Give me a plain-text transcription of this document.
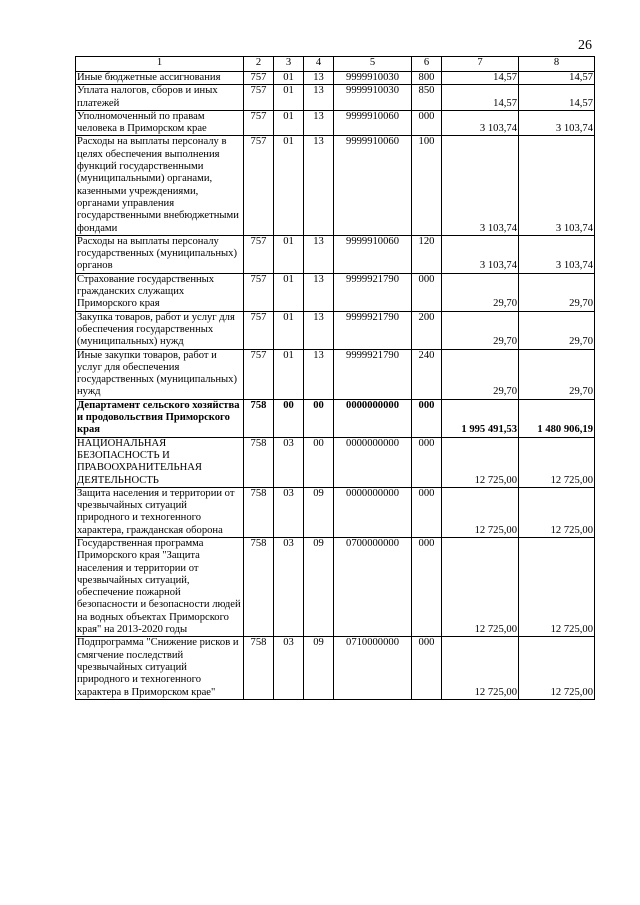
26
1	2	3	4	5	6	7	8
Иные бюджетные ассигнования	757	01	13	9999910030	800	14,57	14,57
Уплата налогов, сборов и иных платежей	757	01	13	9999910030	850	14,57	14,57
Уполномоченный по правам человека в Приморском крае	757	01	13	9999910060	000	3 103,74	3 103,74
Расходы на выплаты персоналу в целях обеспечения выполнения функций государственными (муниципальными) органами, казенными учреждениями, органами управления государственными внебюджетными фондами	757	01	13	9999910060	100	3 103,74	3 103,74
Расходы на выплаты персоналу государственных (муниципальных) органов	757	01	13	9999910060	120	3 103,74	3 103,74
Страхование государственных гражданских служащих Приморского края	757	01	13	9999921790	000	29,70	29,70
Закупка товаров, работ и услуг для обеспечения государственных (муниципальных) нужд	757	01	13	9999921790	200	29,70	29,70
Иные закупки товаров, работ и услуг для обеспечения государственных (муниципальных) нужд	757	01	13	9999921790	240	29,70	29,70
Департамент сельского хозяйства и продовольствия Приморского края	758	00	00	0000000000	000	1 995 491,53	1 480 906,19
НАЦИОНАЛЬНАЯ БЕЗОПАСНОСТЬ И ПРАВООХРАНИТЕЛЬНАЯ ДЕЯТЕЛЬНОСТЬ	758	03	00	0000000000	000	12 725,00	12 725,00
Защита населения и территории от чрезвычайных ситуаций природного и техногенного характера, гражданская оборона	758	03	09	0000000000	000	12 725,00	12 725,00
Государственная программа Приморского края "Защита населения и территории от чрезвычайных ситуаций, обеспечение пожарной безопасности и безопасности людей на водных объектах Приморского края" на 2013-2020 годы	758	03	09	0700000000	000	12 725,00	12 725,00
Подпрограмма "Снижение рисков и смягчение последствий чрезвычайных ситуаций природного и техногенного характера в Приморском крае"	758	03	09	0710000000	000	12 725,00	12 725,00
